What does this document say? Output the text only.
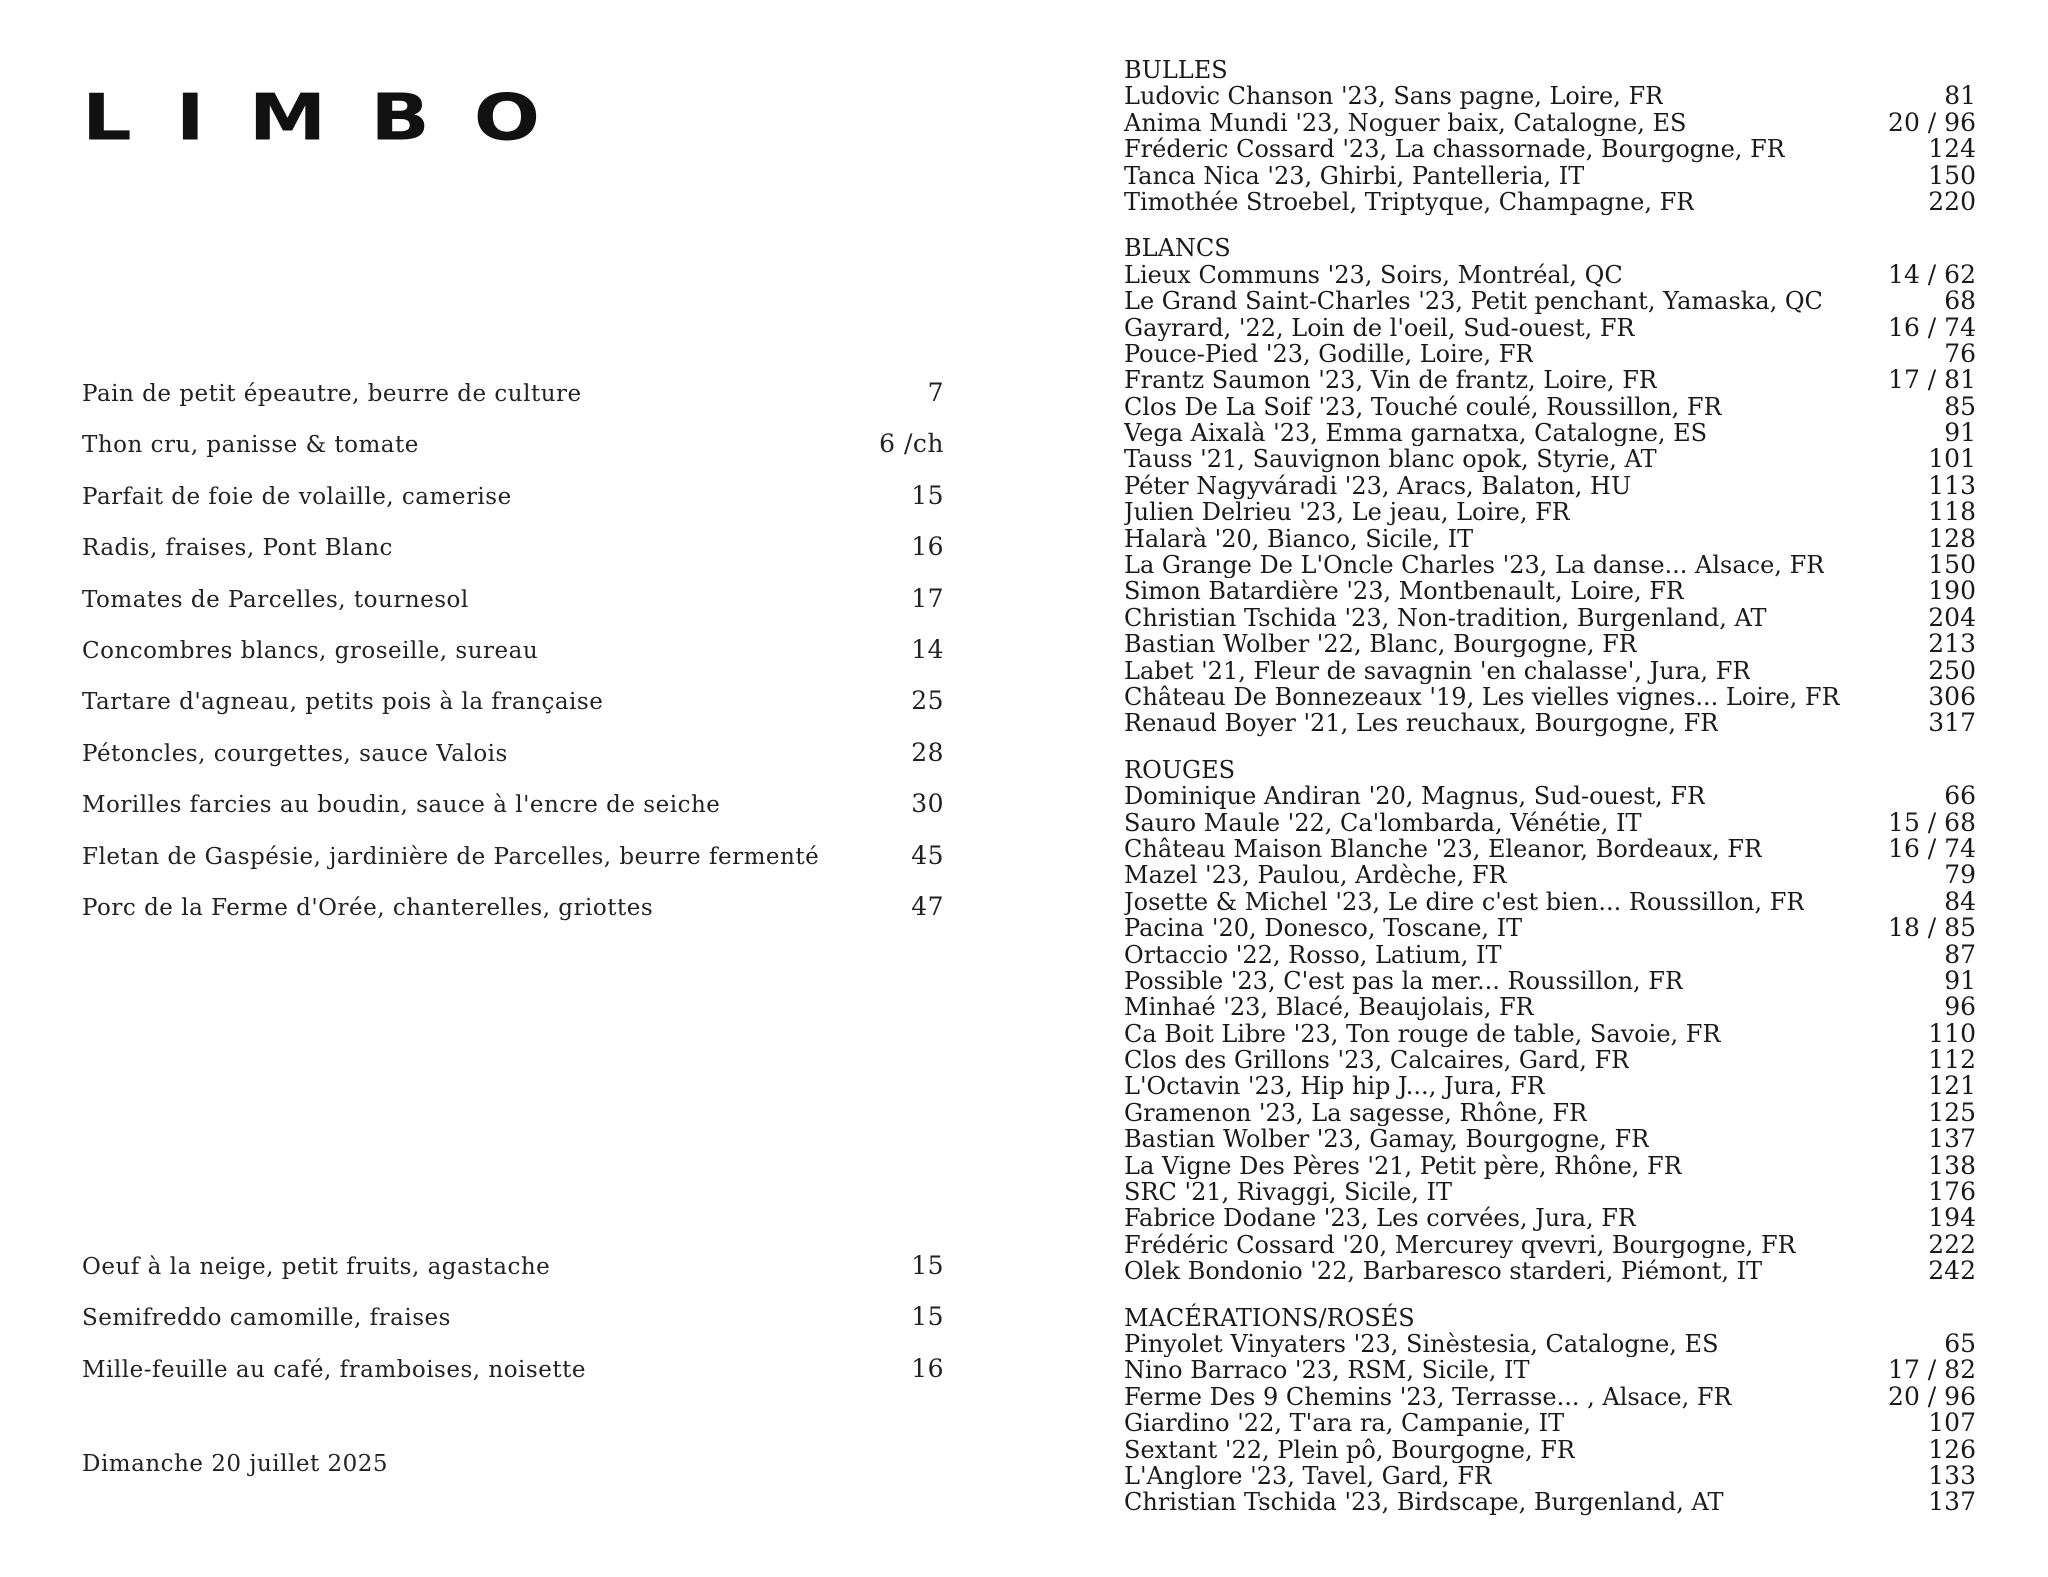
LIMBO
Pain de petit épeautre, beurre de culture	7
Thon cru, panisse & tomate	6 /ch
Parfait de foie de volaille, camerise	15
Radis, fraises, Pont Blanc	16
Tomates de Parcelles, tournesol	17
Concombres blancs, groseille, sureau	14
Tartare d'agneau, petits pois à la française	25
Pétoncles, courgettes, sauce Valois	28
Morilles farcies au boudin, sauce à l'encre de seiche	30
Fletan de Gaspésie, jardinière de Parcelles, beurre fermenté	45
Porc de la Ferme d'Orée, chanterelles, griottes	47
Oeuf à la neige, petit fruits, agastache	15
Semifreddo camomille, fraises	15
Mille-feuille au café, framboises, noisette	16
Dimanche 20 juillet 2025
BULLES
Ludovic Chanson '23, Sans pagne, Loire, FR	81
Anima Mundi '23, Noguer baix, Catalogne, ES	20 / 96
Fréderic Cossard '23, La chassornade, Bourgogne, FR	124
Tanca Nica '23, Ghirbi, Pantelleria, IT	150
Timothée Stroebel, Triptyque, Champagne, FR	220
BLANCS
Lieux Communs '23, Soirs, Montréal, QC	14 / 62
Le Grand Saint-Charles '23, Petit penchant, Yamaska, QC	68
Gayrard, '22, Loin de l'oeil, Sud-ouest, FR	16 / 74
Pouce-Pied '23, Godille, Loire, FR	76
Frantz Saumon '23, Vin de frantz, Loire, FR	17 / 81
Clos De La Soif '23, Touché coulé, Roussillon, FR	85
Vega Aixalà '23, Emma garnatxa, Catalogne, ES	91
Tauss '21, Sauvignon blanc opok, Styrie, AT	101
Péter Nagyváradi '23, Aracs, Balaton, HU	113
Julien Delrieu '23, Le jeau, Loire, FR	118
Halarà '20, Bianco, Sicile, IT	128
La Grange De L'Oncle Charles '23, La danse... Alsace, FR	150
Simon Batardière '23, Montbenault, Loire, FR	190
Christian Tschida '23, Non-tradition, Burgenland, AT	204
Bastian Wolber '22, Blanc, Bourgogne, FR	213
Labet '21, Fleur de savagnin 'en chalasse', Jura, FR	250
Château De Bonnezeaux '19, Les vielles vignes... Loire, FR	306
Renaud Boyer '21, Les reuchaux, Bourgogne, FR	317
ROUGES
Dominique Andiran '20, Magnus, Sud-ouest, FR	66
Sauro Maule '22, Ca'lombarda, Vénétie, IT	15 / 68
Château Maison Blanche '23, Eleanor, Bordeaux, FR	16 / 74
Mazel '23, Paulou, Ardèche, FR	79
Josette & Michel '23, Le dire c'est bien... Roussillon, FR	84
Pacina '20, Donesco, Toscane, IT	18 / 85
Ortaccio '22, Rosso, Latium, IT	87
Possible '23, C'est pas la mer... Roussillon, FR	91
Minhaé '23, Blacé, Beaujolais, FR	96
Ca Boit Libre '23, Ton rouge de table, Savoie, FR	110
Clos des Grillons '23, Calcaires, Gard, FR	112
L'Octavin '23, Hip hip J..., Jura, FR	121
Gramenon '23, La sagesse, Rhône, FR	125
Bastian Wolber '23, Gamay, Bourgogne, FR	137
La Vigne Des Pères '21, Petit père, Rhône, FR	138
SRC '21, Rivaggi, Sicile, IT	176
Fabrice Dodane '23, Les corvées, Jura, FR	194
Frédéric Cossard '20, Mercurey qvevri, Bourgogne, FR	222
Olek Bondonio '22, Barbaresco starderi, Piémont, IT	242
MACÉRATIONS/ROSÉS
Pinyolet Vinyaters '23, Sinèstesia, Catalogne, ES	65
Nino Barraco '23, RSM, Sicile, IT	17 / 82
Ferme Des 9 Chemins '23, Terrasse... , Alsace, FR	20 / 96
Giardino '22, T'ara ra, Campanie, IT	107
Sextant '22, Plein pô, Bourgogne, FR	126
L'Anglore '23, Tavel, Gard, FR	133
Christian Tschida '23, Birdscape, Burgenland, AT	137
